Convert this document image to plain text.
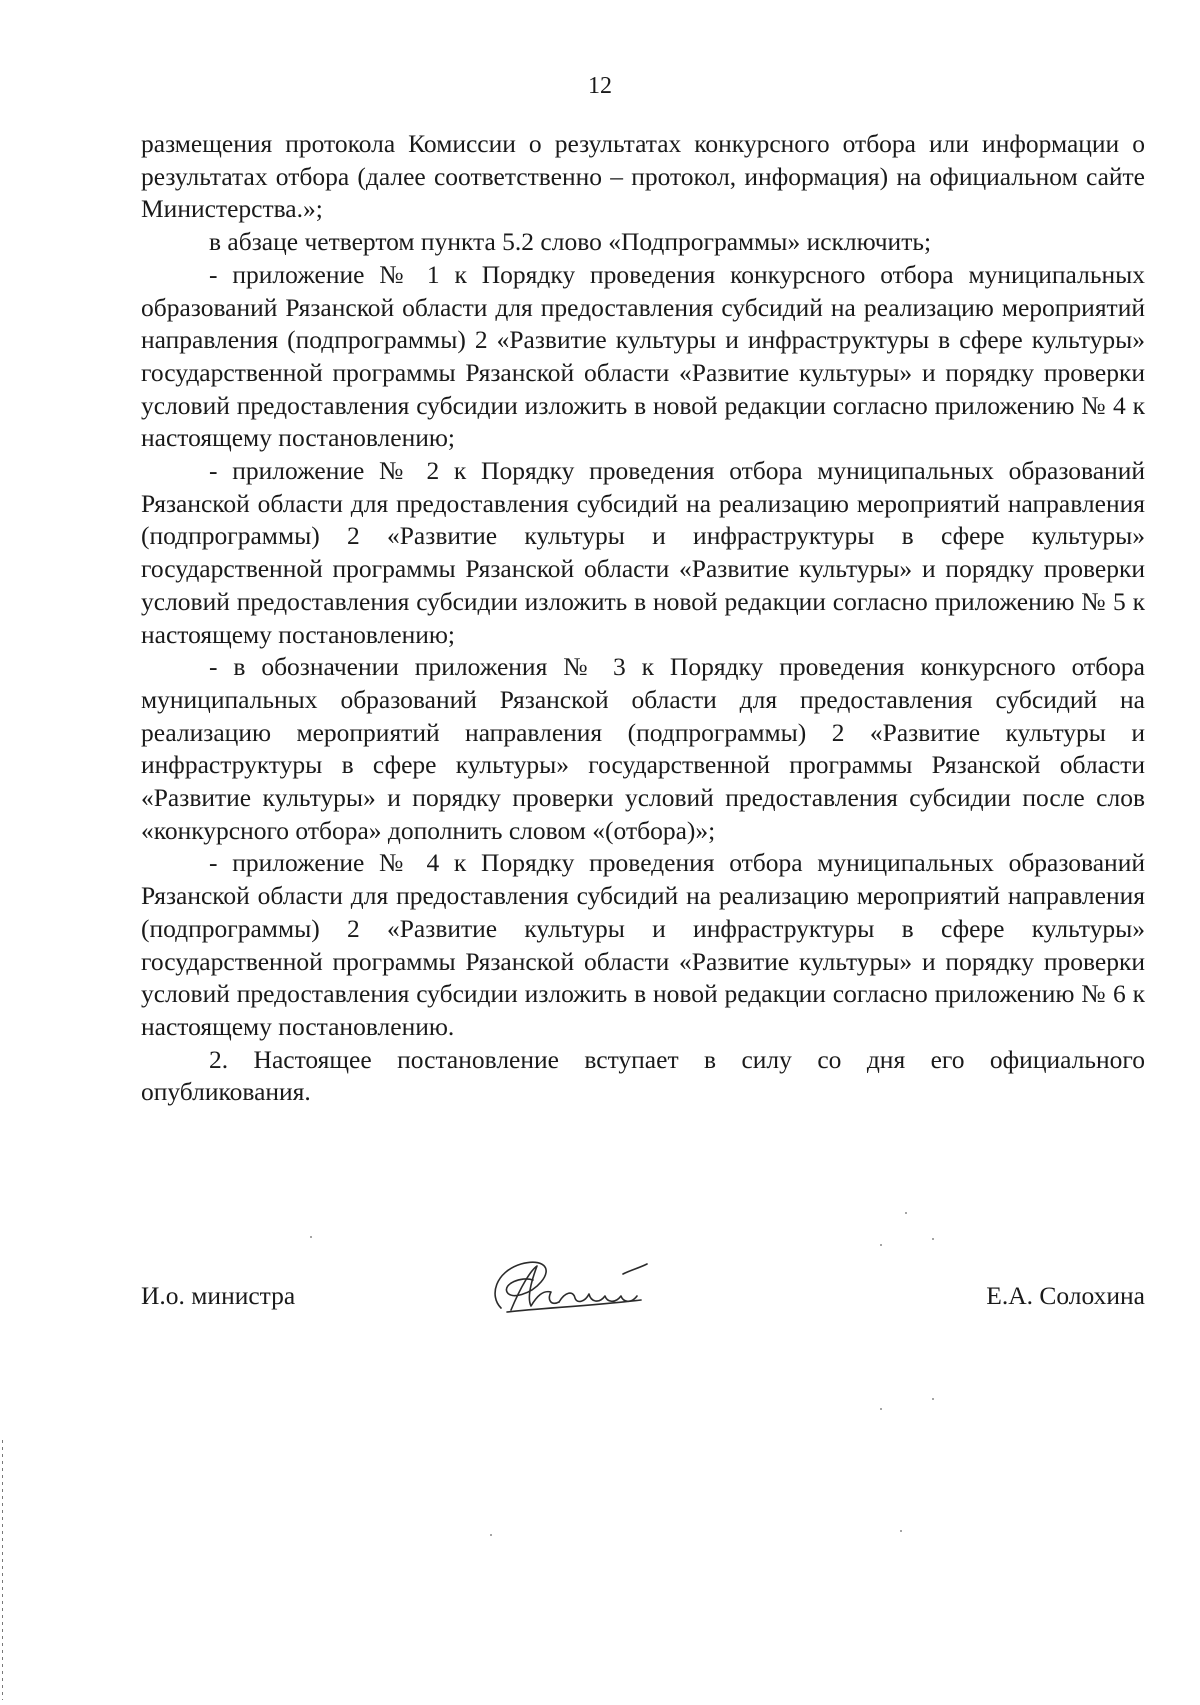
12

размещения протокола Комиссии о результатах конкурсного отбора или информации о результатах отбора (далее соответственно – протокол, информация) на официальном сайте Министерства.»;

в абзаце четвертом пункта 5.2 слово «Подпрограммы» исключить;

- приложение № 1 к Порядку проведения конкурсного отбора муниципальных образований Рязанской области для предоставления субсидий на реализацию мероприятий направления (подпрограммы) 2 «Развитие культуры и инфраструктуры в сфере культуры» государственной программы Рязанской области «Развитие культуры» и порядку проверки условий предоставления субсидии изложить в новой редакции согласно приложению № 4 к настоящему постановлению;

- приложение № 2 к Порядку проведения отбора муниципальных образований Рязанской области для предоставления субсидий на реализацию мероприятий направления (подпрограммы) 2 «Развитие культуры и инфраструктуры в сфере культуры» государственной программы Рязанской области «Развитие культуры» и порядку проверки условий предоставления субсидии изложить в новой редакции согласно приложению № 5 к настоящему постановлению;

- в обозначении приложения № 3 к Порядку проведения конкурсного отбора муниципальных образований Рязанской области для предоставления субсидий на реализацию мероприятий направления (подпрограммы) 2 «Развитие культуры и инфраструктуры в сфере культуры» государственной программы Рязанской области «Развитие культуры» и порядку проверки условий предоставления субсидии после слов «конкурсного отбора» дополнить словом «(отбора)»;

- приложение № 4 к Порядку проведения отбора муниципальных образований Рязанской области для предоставления субсидий на реализацию мероприятий направления (подпрограммы) 2 «Развитие культуры и инфраструктуры в сфере культуры» государственной программы Рязанской области «Развитие культуры» и порядку проверки условий предоставления субсидии изложить в новой редакции согласно приложению № 6 к настоящему постановлению.

2. Настоящее постановление вступает в силу со дня его официального опубликования.

И.о. министра	Е.А. Солохина
